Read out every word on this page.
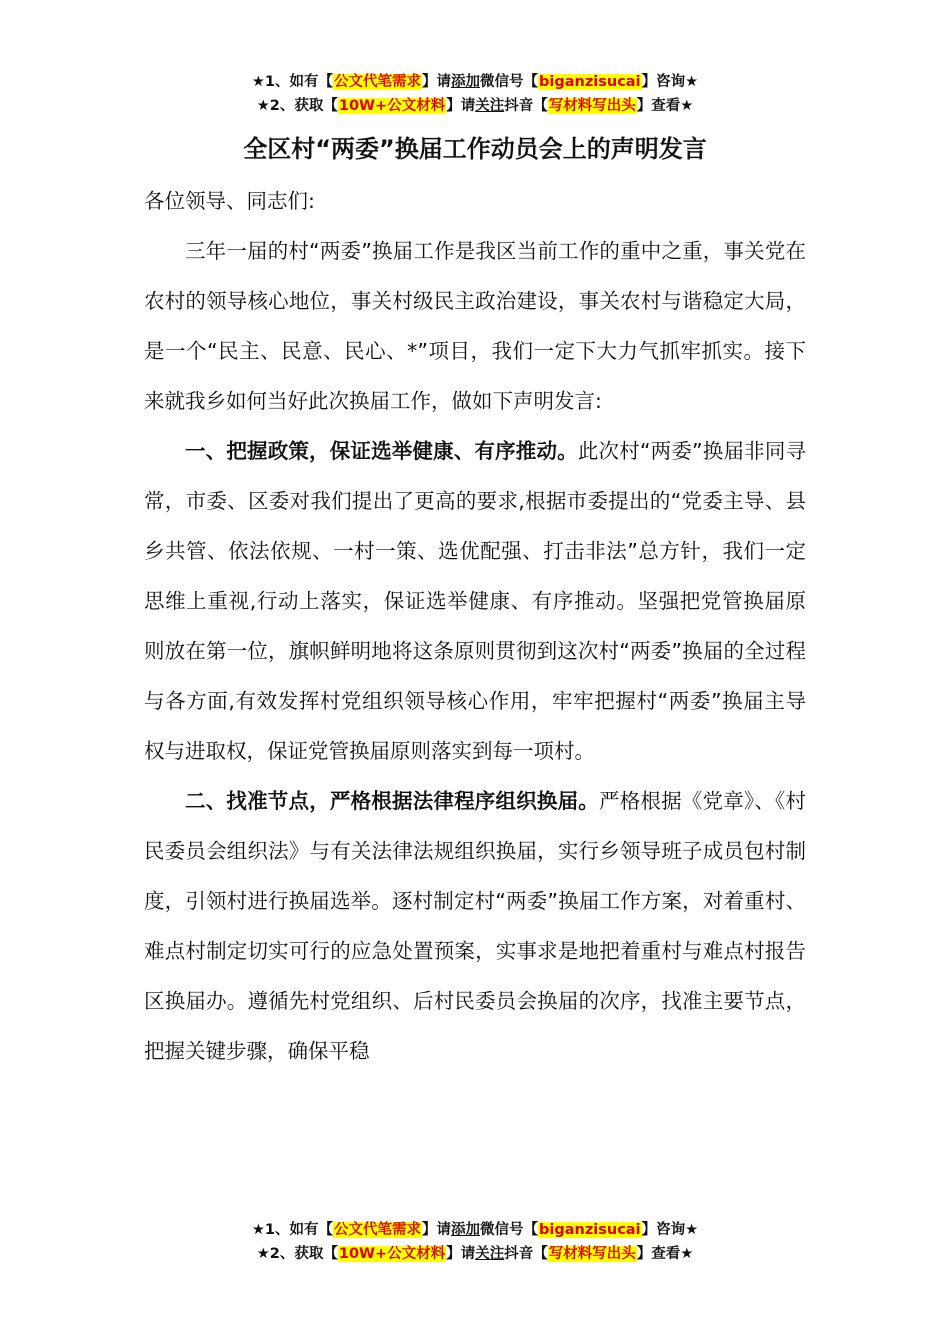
★1、如有【公文代笔需求】请添加微信号【biganzisucai】咨询★
★2、获取【10W+公文材料】请关注抖音【写材料写出头】查看★
全区村“两委”换届工作动员会上的声明发言

各位领导、同志们:

三年一届的村“两委”换届工作是我区当前工作的重中之重，事关党在农村的领导核心地位，事关村级民主政治建设，事关农村与谐稳定大局，是一个“民主、民意、民心、*”项目，我们一定下大力气抓牢抓实。接下来就我乡如何当好此次换届工作，做如下声明发言:

一、把握政策，保证选举健康、有序推动。此次村“两委”换届非同寻常，市委、区委对我们提出了更高的要求,根据市委提出的“党委主导、县乡共管、依法依规、一村一策、选优配强、打击非法”总方针，我们一定思维上重视,行动上落实，保证选举健康、有序推动。坚强把党管换届原则放在第一位，旗帜鲜明地将这条原则贯彻到这次村“两委”换届的全过程与各方面,有效发挥村党组织领导核心作用，牢牢把握村“两委”换届主导权与进取权，保证党管换届原则落实到每一项村。

二、找准节点，严格根据法律程序组织换届。严格根据《党章》、《村民委员会组织法》与有关法律法规组织换届，实行乡领导班子成员包村制度，引领村进行换届选举。逐村制定村“两委”换届工作方案，对着重村、难点村制定切实可行的应急处置预案，实事求是地把着重村与难点村报告区换届办。遵循先村党组织、后村民委员会换届的次序，找准主要节点，把握关键步骤，确保平稳

★1、如有【公文代笔需求】请添加微信号【biganzisucai】咨询★
★2、获取【10W+公文材料】请关注抖音【写材料写出头】查看★
